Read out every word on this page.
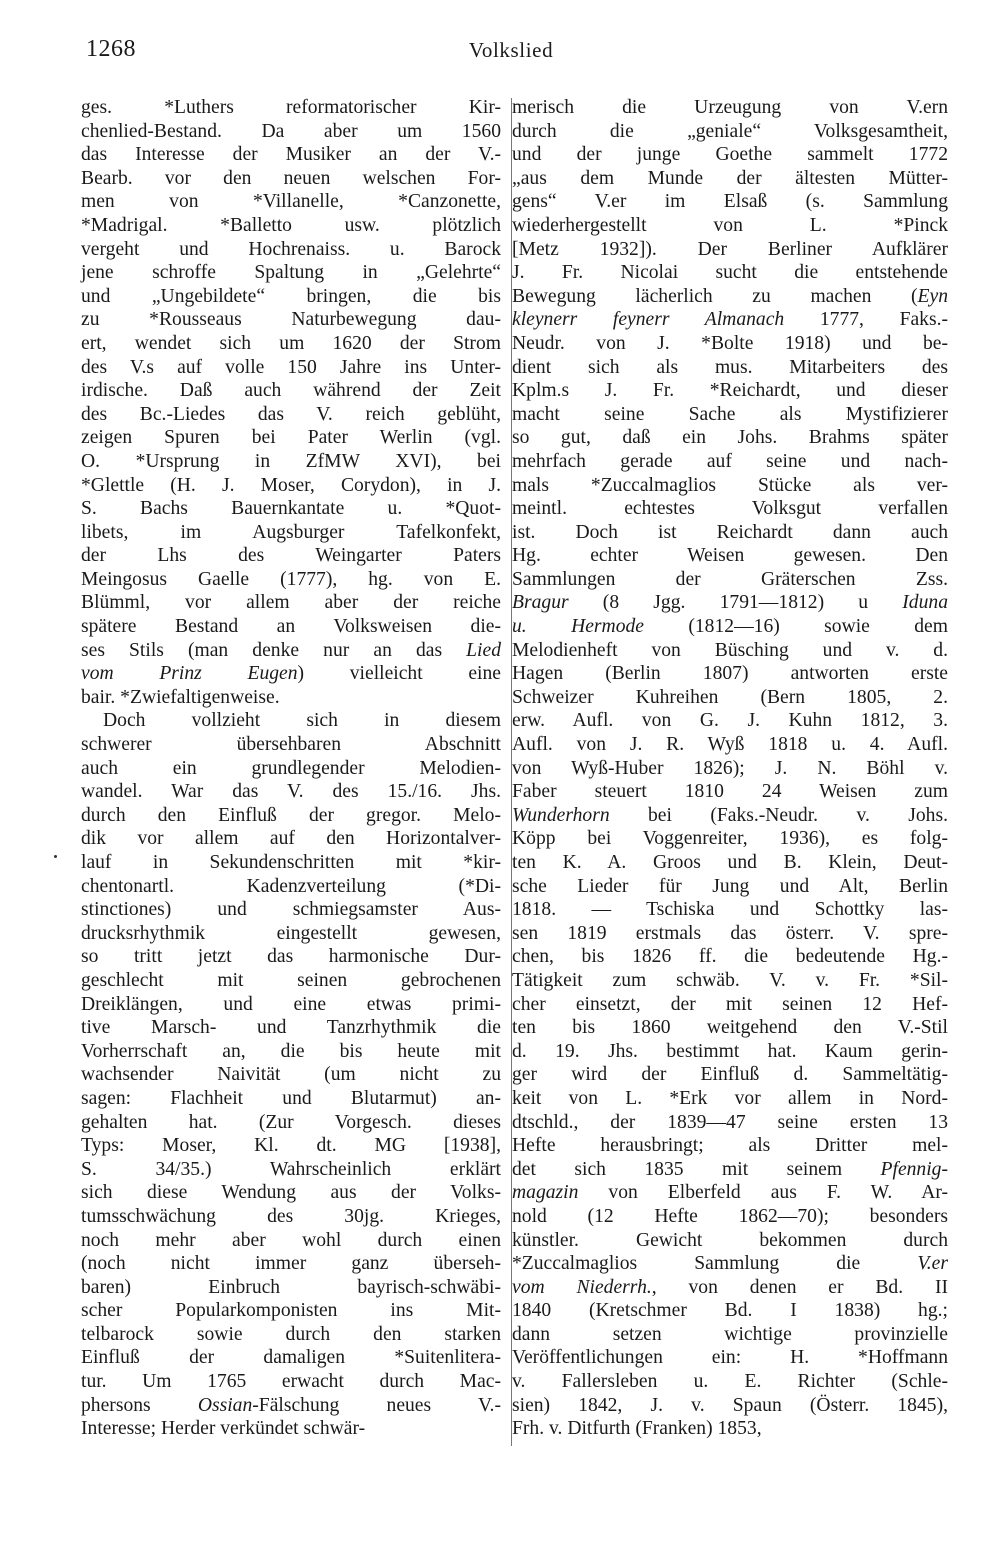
1268	Volkslied
ges. *Luthers reformatorischer Kir-
chenlied-Bestand. Da aber um 1560
das Interesse der Musiker an der V.-
Bearb. vor den neuen welschen For-
men von *Villanelle, *Canzonette,
*Madrigal. *Balletto usw. plötzlich
vergeht und Hochrenaiss. u. Barock
jene schroffe Spaltung in „Gelehrte“
und „Ungebildete“ bringen, die bis
zu *Rousseaus Naturbewegung dau-
ert, wendet sich um 1620 der Strom
des V.s auf volle 150 Jahre ins Unter-
irdische. Daß auch während der Zeit
des Bc.-Liedes das V. reich geblüht,
zeigen Spuren bei Pater Werlin (vgl.
O. *Ursprung in ZfMW XVI), bei
*Glettle (H. J. Moser, Corydon), in J.
S. Bachs Bauernkantate u. *Quot-
libets, im Augsburger Tafelkonfekt,
der Lhs des Weingarter Paters
Meingosus Gaelle (1777), hg. von E.
Blümml, vor allem aber der reiche
spätere Bestand an Volksweisen die-
ses Stils (man denke nur an das Lied
vom Prinz Eugen) vielleicht eine
bair. *Zwiefaltigenweise.
Doch vollzieht sich in diesem
schwerer übersehbaren Abschnitt
auch ein grundlegender Melodien-
wandel. War das V. des 15./16. Jhs.
durch den Einfluß der gregor. Melo-
dik vor allem auf den Horizontalver-
lauf in Sekundenschritten mit *kir-
chentonartl. Kadenzverteilung (*Di-
stinctiones) und schmiegsamster Aus-
drucksrhythmik eingestellt gewesen,
so tritt jetzt das harmonische Dur-
geschlecht mit seinen gebrochenen
Dreiklängen, und eine etwas primi-
tive Marsch- und Tanzrhythmik die
Vorherrschaft an, die bis heute mit
wachsender Naivität (um nicht zu
sagen: Flachheit und Blutarmut) an-
gehalten hat. (Zur Vorgesch. dieses
Typs: Moser, Kl. dt. MG [1938],
S. 34/35.) Wahrscheinlich erklärt
sich diese Wendung aus der Volks-
tumsschwächung des 30jg. Krieges,
noch mehr aber wohl durch einen
(noch nicht immer ganz überseh-
baren) Einbruch bayrisch-schwäbi-
scher Popularkomponisten ins Mit-
telbarock sowie durch den starken
Einfluß der damaligen *Suitenlitera-
tur. Um 1765 erwacht durch Mac-
phersons Ossian-Fälschung neues V.-
Interesse; Herder verkündet schwär-
merisch die Urzeugung von V.ern
durch die „geniale“ Volksgesamtheit,
und der junge Goethe sammelt 1772
„aus dem Munde der ältesten Mütter-
gens“ V.er im Elsaß (s. Sammlung
wiederhergestellt von L. *Pinck
[Metz 1932]). Der Berliner Aufklärer
J. Fr. Nicolai sucht die entstehende
Bewegung lächerlich zu machen (Eyn
kleynerr feynerr Almanach 1777, Faks.-
Neudr. von J. *Bolte 1918) und be-
dient sich als mus. Mitarbeiters des
Kplm.s J. Fr. *Reichardt, und dieser
macht seine Sache als Mystifizierer
so gut, daß ein Johs. Brahms später
mehrfach gerade auf seine und nach-
mals *Zuccalmaglios Stücke als ver-
meintl. echtestes Volksgut verfallen
ist. Doch ist Reichardt dann auch
Hg. echter Weisen gewesen. Den
Sammlungen der Gräterschen Zss.
Bragur (8 Jgg. 1791—1812) u Iduna
u. Hermode (1812—16) sowie dem
Melodienheft von Büsching und v. d.
Hagen (Berlin 1807) antworten erste
Schweizer Kuhreihen (Bern 1805, 2.
erw. Aufl. von G. J. Kuhn 1812, 3.
Aufl. von J. R. Wyß 1818 u. 4. Aufl.
von Wyß-Huber 1826); J. N. Böhl v.
Faber steuert 1810 24 Weisen zum
Wunderhorn bei (Faks.-Neudr. v. Johs.
Köpp bei Voggenreiter, 1936), es folg-
ten K. A. Groos und B. Klein, Deut-
sche Lieder für Jung und Alt, Berlin
1818. — Tschiska und Schottky las-
sen 1819 erstmals das österr. V. spre-
chen, bis 1826 ff. die bedeutende Hg.-
Tätigkeit zum schwäb. V. v. Fr. *Sil-
cher einsetzt, der mit seinen 12 Hef-
ten bis 1860 weitgehend den V.-Stil
d. 19. Jhs. bestimmt hat. Kaum gerin-
ger wird der Einfluß d. Sammeltätig-
keit von L. *Erk vor allem in Nord-
dtschld., der 1839—47 seine ersten 13
Hefte herausbringt; als Dritter mel-
det sich 1835 mit seinem Pfennig-
magazin von Elberfeld aus F. W. Ar-
nold (12 Hefte 1862—70); besonders
künstler. Gewicht bekommen durch
*Zuccalmaglios Sammlung die V.er
vom Niederrh., von denen er Bd. II
1840 (Kretschmer Bd. I 1838) hg.;
dann setzen wichtige provinzielle
Veröffentlichungen ein: H. *Hoffmann
v. Fallersleben u. E. Richter (Schle-
sien) 1842, J. v. Spaun (Österr. 1845),
Frh. v. Ditfurth (Franken) 1853,
